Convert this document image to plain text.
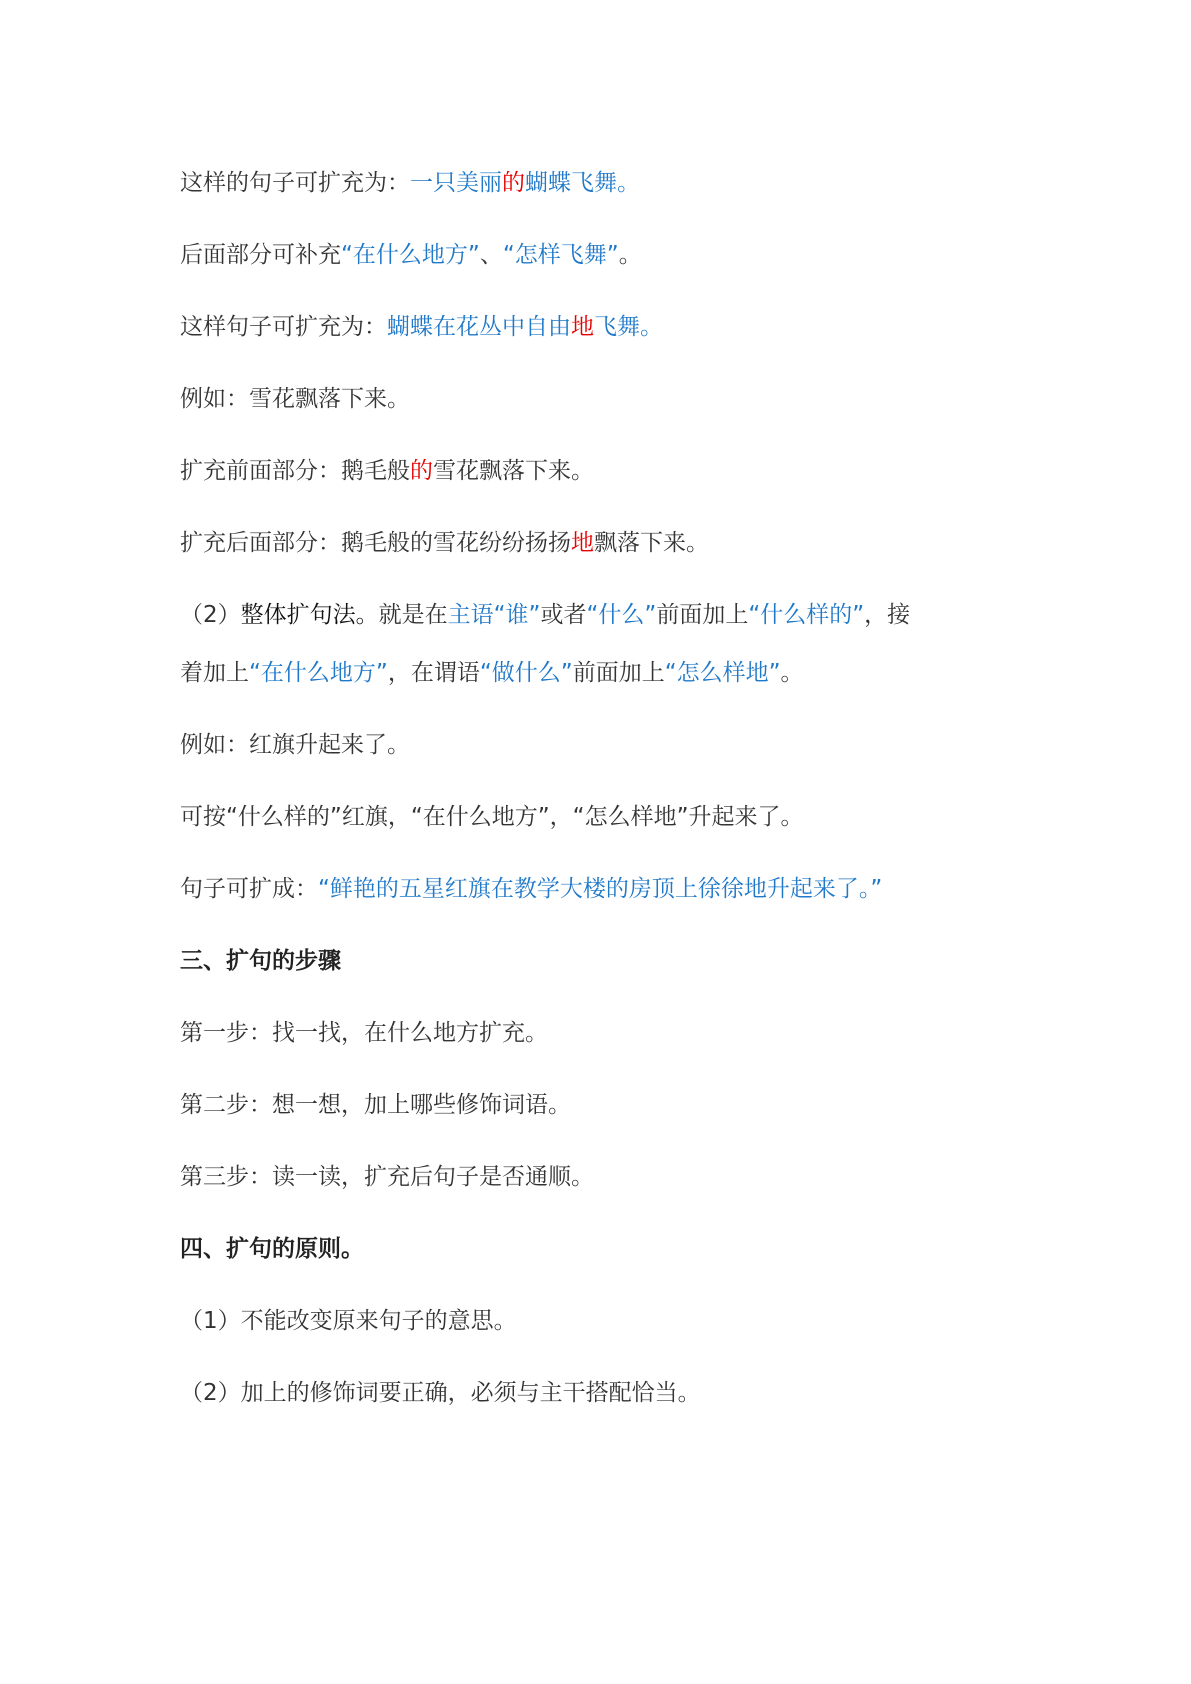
这样的句子可扩充为：一只美丽的蝴蝶飞舞。
后面部分可补充“在什么地方”、“怎样飞舞”。
这样句子可扩充为：蝴蝶在花丛中自由地飞舞。
例如：雪花飘落下来。
扩充前面部分：鹅毛般的雪花飘落下来。
扩充后面部分：鹅毛般的雪花纷纷扬扬地飘落下来。
（2）整体扩句法。就是在主语“谁”或者“什么”前面加上“什么样的”，接
着加上“在什么地方”，在谓语“做什么”前面加上“怎么样地”。
例如：红旗升起来了。
可按“什么样的”红旗，“在什么地方”，“怎么样地”升起来了。
句子可扩成：“鲜艳的五星红旗在教学大楼的房顶上徐徐地升起来了。”
三、扩句的步骤
第一步：找一找，在什么地方扩充。
第二步：想一想，加上哪些修饰词语。
第三步：读一读，扩充后句子是否通顺。
四、扩句的原则。
（1）不能改变原来句子的意思。
（2）加上的修饰词要正确，必须与主干搭配恰当。
